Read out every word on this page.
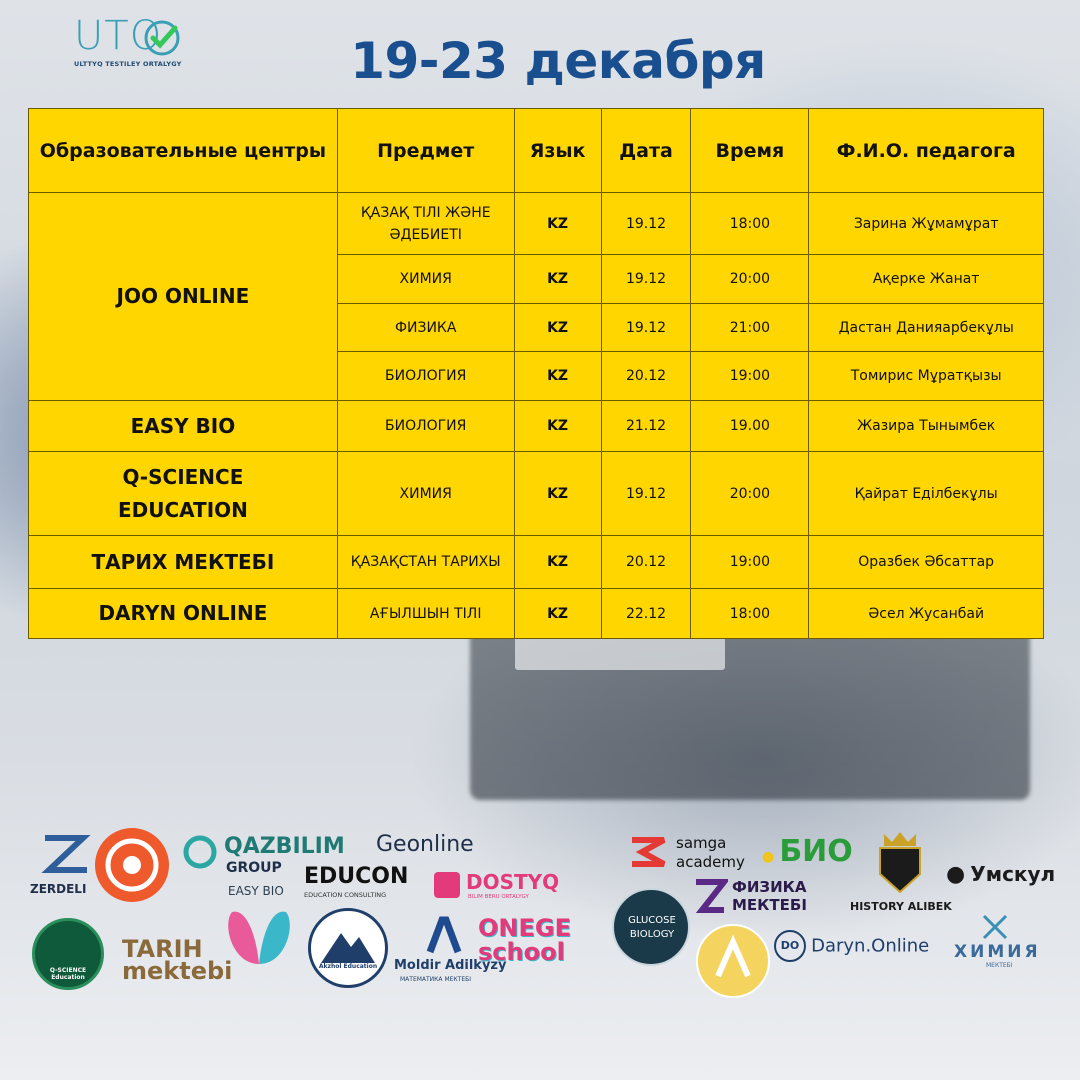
UTO
ULTTYQ TESTILEY ORTALYGY	19-23 декабря
Образовательные центры	Предмет	Язык	Дата	Время	Ф.И.О. педагога
JOO ONLINE	ҚАЗАҚ ТІЛІ ЖӘНЕ ӘДЕБИЕТІ	KZ	19.12	18:00	Зарина Жұмамұрат
	ХИМИЯ	KZ	19.12	20:00	Ақерке Жанат
	ФИЗИКА	KZ	19.12	21:00	Дастан Данияарбекұлы
	БИОЛОГИЯ	KZ	20.12	19:00	Томирис Мұратқызы
EASY BIO	БИОЛОГИЯ	KZ	21.12	19.00	Жазира Тынымбек
Q-SCIENCE EDUCATION	ХИМИЯ	KZ	19.12	20:00	Қайрат Еділбекұлы
ТАРИХ МЕКТЕБІ	ҚАЗАҚСТАН ТАРИХЫ	KZ	20.12	19:00	Оразбек Әбсаттар
DARYN ONLINE	АҒЫЛШЫН ТІЛІ	KZ	22.12	18:00	Әсел Жусанбай
ZERDELI
QAZBILIM
GROUP
EASY BIO
Geonline
EDUCON
EDUCATION CONSULTING
DOSTYQ
BILIM BERU ORTALYGY
samga academy	● БИО
HISTORY ALIBEK
● Умскул
ФИЗИКА МЕКТЕБІ
Q-SCIENCE Education
TARIH mektebi	Akzhol Education	Moldir Adilkyzy
МАТЕМАТИКА МЕКТЕБІ
ONEGE school
GLUCOSE BIOLOGY
DO Daryn.Online	ХИМИЯ
МЕКТЕБІ
